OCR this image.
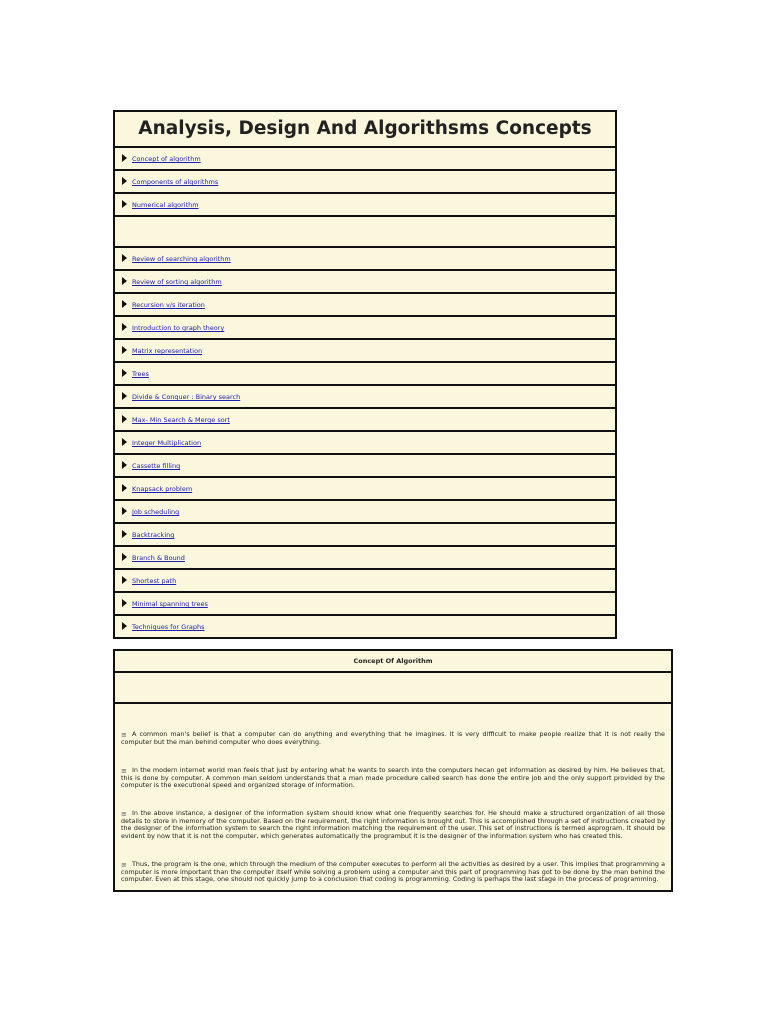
Analysis, Design And Algorithsms Concepts
Concept of algorithm
Components of algorithms
Numerical algorithm
Review of searching algorithm
Review of sorting algorithm
Recursion v/s iteration
Introduction to graph theory
Matrix representation
Trees
Divide & Conquer : Binary search
Max- Min Search & Merge sort
Integer Multiplication
Cassette filling
Knapsack problem
Job scheduling
Backtracking
Branch & Bound
Shortest path
Minimal spanning trees
Techniques for Graphs
Concept Of Algorithm

≡ A common man's belief is that a computer can do anything and everything that he imagines. It is very difficult to make people realize that it is not really the computer but the man behind computer who does everything.

≡ In the modern internet world man feels that just by entering what he wants to search into the computers hecan get information as desired by him. He believes that, this is done by computer. A common man seldom understands that a man made procedure called search has done the entire job and the only support provided by the computer is the executional speed and organized storage of information.

≡ In the above instance, a designer of the information system should know what one frequently searches for. He should make a structured organization of all those details to store in memory of the computer. Based on the requirement, the right information is brought out. This is accomplished through a set of instructions created by the designer of the information system to search the right information matching the requirement of the user. This set of instructions is termed asprogram. It should be evident by now that it is not the computer, which generates automatically the programbut it is the designer of the information system who has created this.

≡ Thus, the program is the one, which through the medium of the computer executes to perform all the activities as desired by a user. This implies that programming a computer is more important than the computer itself while solving a problem using a computer and this part of programming has got to be done by the man behind the computer. Even at this stage, one should not quickly jump to a conclusion that coding is programming. Coding is perhaps the last stage in the process of programming.
